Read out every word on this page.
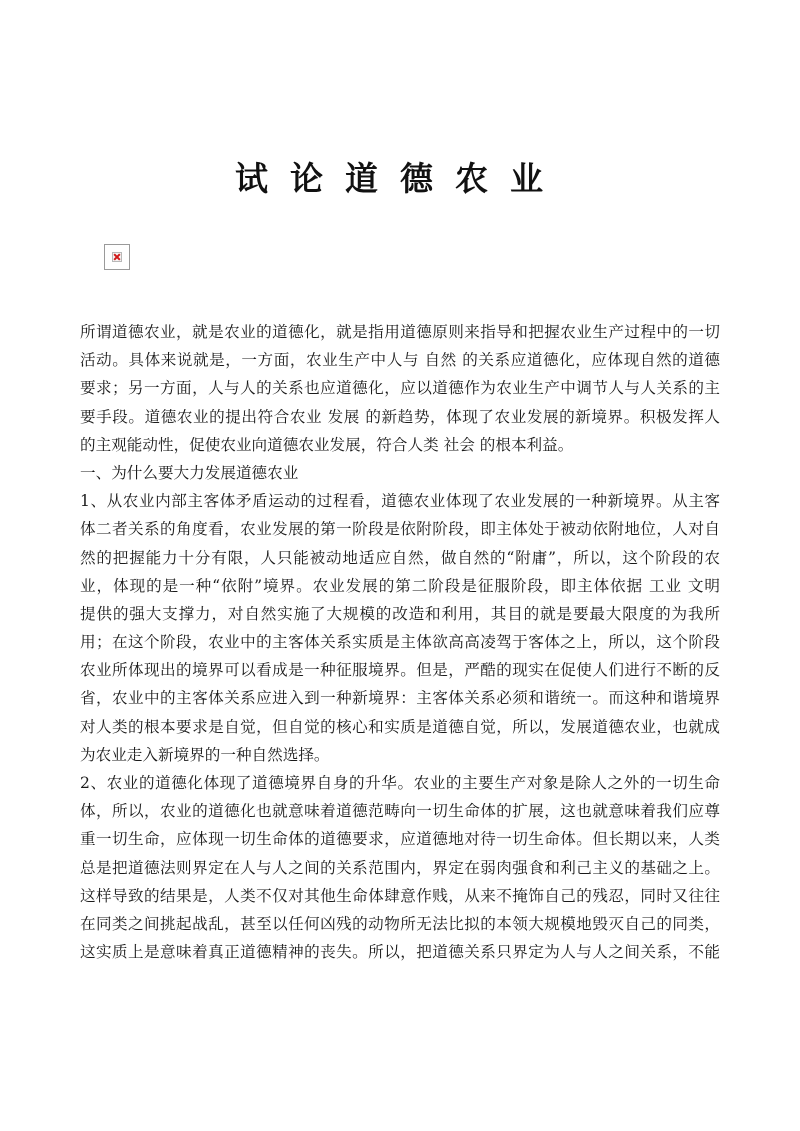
试论道德农业
所谓道德农业，就是农业的道德化，就是指用道德原则来指导和把握农业生产过程中的一切
活动。具体来说就是，一方面，农业生产中人与 自然 的关系应道德化，应体现自然的道德
要求；另一方面，人与人的关系也应道德化，应以道德作为农业生产中调节人与人关系的主
要手段。道德农业的提出符合农业 发展 的新趋势，体现了农业发展的新境界。积极发挥人
的主观能动性，促使农业向道德农业发展，符合人类 社会 的根本利益。
一、为什么要大力发展道德农业
1、从农业内部主客体矛盾运动的过程看，道德农业体现了农业发展的一种新境界。从主客
体二者关系的角度看，农业发展的第一阶段是依附阶段，即主体处于被动依附地位，人对自
然的把握能力十分有限，人只能被动地适应自然，做自然的“附庸”，所以，这个阶段的农
业，体现的是一种“依附”境界。农业发展的第二阶段是征服阶段，即主体依据 工业 文明
提供的强大支撑力，对自然实施了大规模的改造和利用，其目的就是要最大限度的为我所
用；在这个阶段，农业中的主客体关系实质是主体欲高高凌驾于客体之上，所以，这个阶段
农业所体现出的境界可以看成是一种征服境界。但是，严酷的现实在促使人们进行不断的反
省，农业中的主客体关系应进入到一种新境界：主客体关系必须和谐统一。而这种和谐境界
对人类的根本要求是自觉，但自觉的核心和实质是道德自觉，所以，发展道德农业，也就成
为农业走入新境界的一种自然选择。
2、农业的道德化体现了道德境界自身的升华。农业的主要生产对象是除人之外的一切生命
体，所以，农业的道德化也就意味着道德范畴向一切生命体的扩展，这也就意味着我们应尊
重一切生命，应体现一切生命体的道德要求，应道德地对待一切生命体。但长期以来，人类
总是把道德法则界定在人与人之间的关系范围内，界定在弱肉强食和利己主义的基础之上。
这样导致的结果是，人类不仅对其他生命体肆意作贱，从来不掩饰自己的残忍，同时又往往
在同类之间挑起战乱，甚至以任何凶残的动物所无法比拟的本领大规模地毁灭自己的同类，
这实质上是意味着真正道德精神的丧失。所以，把道德关系只界定为人与人之间关系，不能
